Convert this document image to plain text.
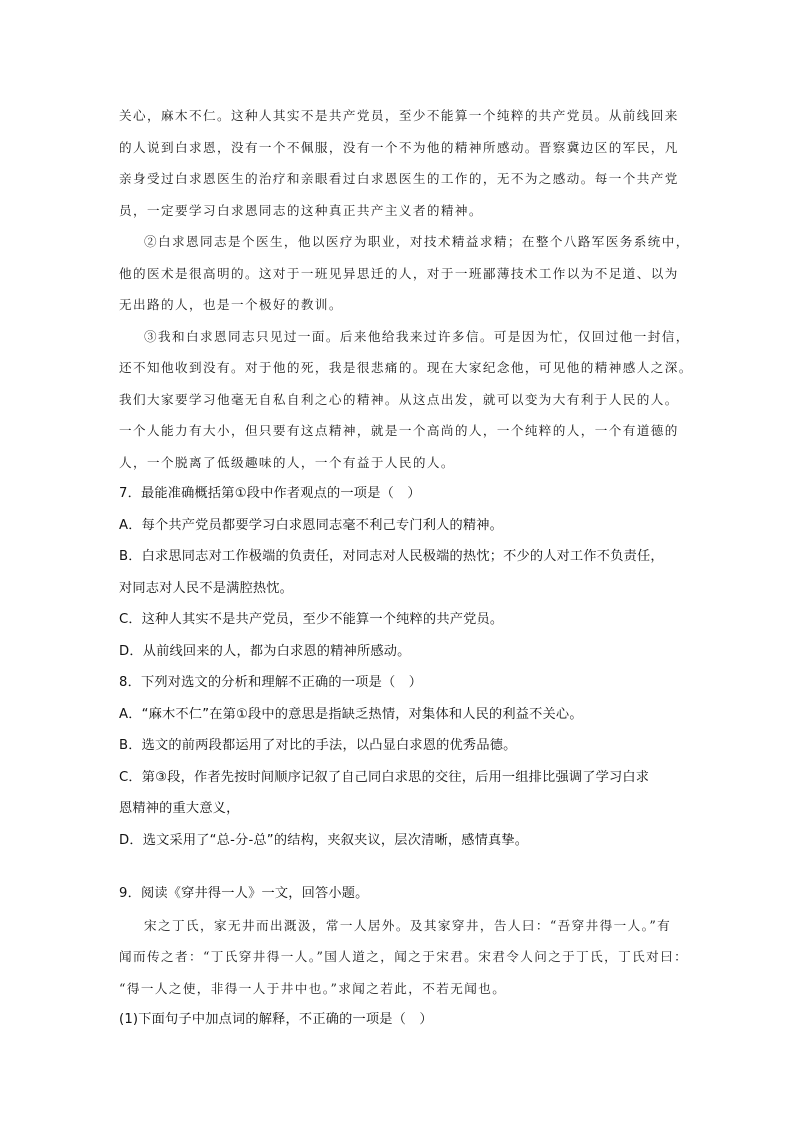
关心，麻木不仁。这种人其实不是共产党员，至少不能算一个纯粹的共产党员。从前线回来
的人说到白求恩，没有一个不佩服，没有一个不为他的精神所感动。晋察冀边区的军民，凡
亲身受过白求恩医生的治疗和亲眼看过白求恩医生的工作的，无不为之感动。每一个共产党
员，一定要学习白求恩同志的这种真正共产主义者的精神。
②白求恩同志是个医生，他以医疗为职业，对技术精益求精；在整个八路军医务系统中，
他的医术是很高明的。这对于一班见异思迁的人，对于一班鄙薄技术工作以为不足道、以为
无出路的人，也是一个极好的教训。
③我和白求恩同志只见过一面。后来他给我来过许多信。可是因为忙，仅回过他一封信，
还不知他收到没有。对于他的死，我是很悲痛的。现在大家纪念他，可见他的精神感人之深。
我们大家要学习他毫无自私自利之心的精神。从这点出发，就可以变为大有利于人民的人。
一个人能力有大小，但只要有这点精神，就是一个高尚的人，一个纯粹的人，一个有道德的
人，一个脱离了低级趣味的人，一个有益于人民的人。
7．最能准确概括第①段中作者观点的一项是（　）
A．每个共产党员都要学习白求恩同志毫不利己专门利人的精神。
B．白求思同志对工作极端的负责任，对同志对人民极端的热忱；不少的人对工作不负责任，
对同志对人民不是满腔热忱。
C．这种人其实不是共产党员，至少不能算一个纯粹的共产党员。
D．从前线回来的人，都为白求恩的精神所感动。
8．下列对选文的分析和理解不正确的一项是（　）
A．“麻木不仁”在第①段中的意思是指缺乏热情，对集体和人民的利益不关心。
B．选文的前两段都运用了对比的手法，以凸显白求恩的优秀品德。
C．第③段，作者先按时间顺序记叙了自己同白求思的交往，后用一组排比强调了学习白求
恩精神的重大意义，
D．选文采用了“总-分-总”的结构，夹叙夹议，层次清晰，感情真挚。
9．阅读《穿井得一人》一文，回答小题。
宋之丁氏，家无井而出溉汲，常一人居外。及其家穿井，告人曰：“吾穿井得一人。”有
闻而传之者：“丁氏穿井得一人。”国人道之，闻之于宋君。宋君令人问之于丁氏，丁氏对曰：
“得一人之使，非得一人于井中也。”求闻之若此，不若无闻也。
(1)下面句子中加点词的解释，不正确的一项是（　）
